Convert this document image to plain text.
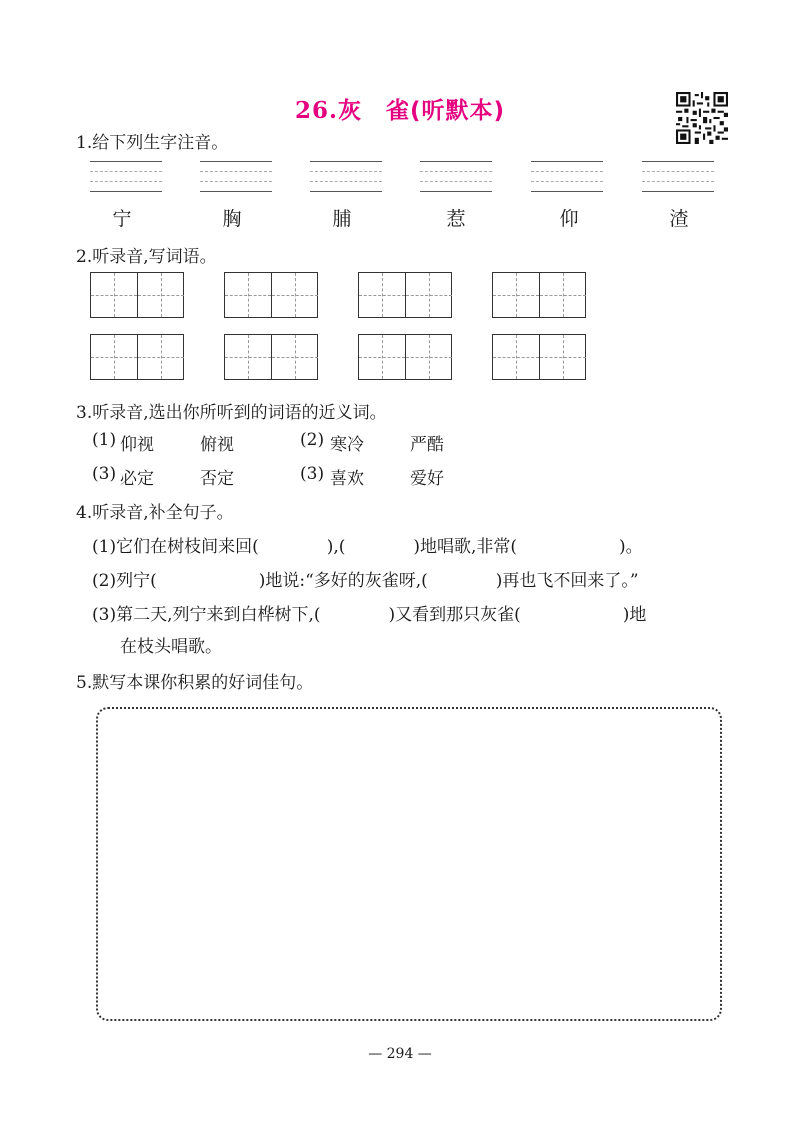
26.灰　雀(听默本)
1.给下列生字注音。
宁	胸	脯	惹	仰	渣
2.听录音,写词语。
3.听录音,选出你所听到的词语的近义词。
(1) 仰视	俯视	(2) 寒冷	严酷
(3) 必定	否定	(3) 喜欢	爱好
4.听录音,补全句子。
(1)它们在树枝间来回(　　　　),(　　　　)地唱歌,非常(　　　　　　)。
(2)列宁(　　　　　　)地说:“多好的灰雀呀,(　　　　)再也飞不回来了。”
(3)第二天,列宁来到白桦树下,(　　　　)又看到那只灰雀(　　　　　　)地
在枝头唱歌。
5.默写本课你积累的好词佳句。
— 294 —
